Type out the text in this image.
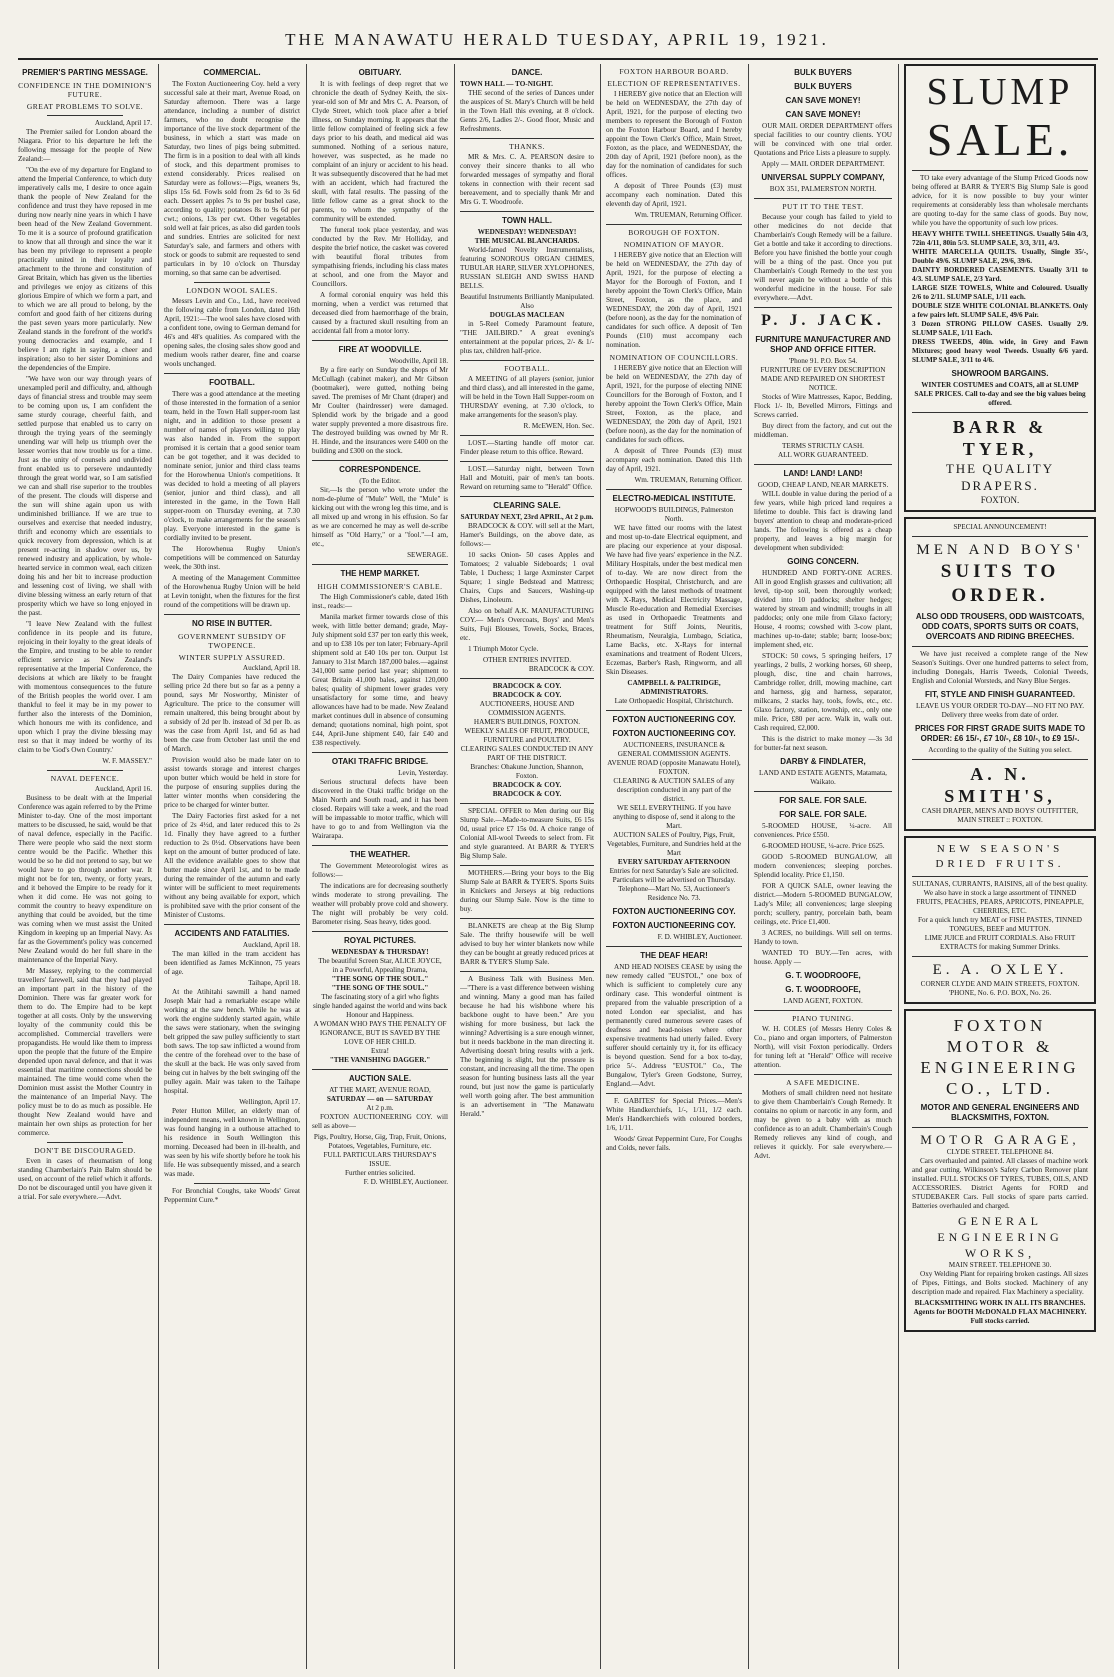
THE MANAWATU HERALD TUESDAY, APRIL 19, 1921.
PREMIER'S PARTING MESSAGE.
CONFIDENCE IN THE DOMINION'S FUTURE.
GREAT PROBLEMS TO SOLVE.
Auckland, April 17.

The Premier sailed for London aboard the Niagara. Prior to his departure he left the following message for the people of New Zealand:—

"On the eve of my departure for England to attend the Imperial Conference, to which duty imperatively calls me, I desire to once again thank the people of New Zealand for the confidence and trust they have reposed in me during now nearly nine years in which I have been head of the New Zealand Government. To me it is a source of profound gratification to know that all through and since the war it has been my privilege to represent a people practically united in their loyalty and attachment to the throne and constitution of Great Britain, which has given us the liberties and privileges we enjoy as citizens of this glorious Empire of which we form a part, and to which we are all proud to belong, by the comfort and good faith of her citizens during the past seven years more particularly. New Zealand stands in the forefront of the world's young democracies and example, and I believe I am right in saying, a cheer and inspiration; also to her sister Dominions and the dependencies of the Empire.

"We have won our way through years of unexampled peril and difficulty, and, although days of financial stress and trouble may seem to be coming upon us, I am confident the same sturdy courage, cheerful faith, and settled purpose that enabled us to carry on through the trying years of the seemingly unending war will help us triumph over the lesser worries that now trouble us for a time. Just as the unity of counsels and undivided front enabled us to persevere undauntedly through the great world war, so I am satisfied we can and shall rise superior to the troubles of the present. The clouds will disperse and the sun will shine again upon us with undiminished brilliance. If we are true to ourselves and exercise that needed industry, thrift and economy which are essentials to quick recovery from depression, which is at present re-acting in shadow over us, by renewed industry and application, by whole-hearted service in common weal, each citizen doing his and her bit to increase production and lessening cost of living, we shall with divine blessing witness an early return of that prosperity which we have so long enjoyed in the past.

"I leave New Zealand with the fullest confidence in its people and its future, rejoicing in their loyalty to the great ideals of the Empire, and trusting to be able to render efficient service as New Zealand's representative at the Imperial Conference, the decisions at which are likely to be fraught with momentous consequences to the future of the British peoples the world over. I am thankful to feel it may be in my power to further also the interests of the Dominion, which honours me with its confidence, and upon which I pray the divine blessing may rest so that it may indeed be worthy of its claim to be 'God's Own Country.'

W. F. MASSEY."
NAVAL DEFENCE.
Auckland, April 16.

Business to be dealt with at the Imperial Conference was again referred to by the Prime Minister to-day. One of the most important matters to be discussed, he said, would be that of naval defence, especially in the Pacific. There were people who said the next storm centre would be the Pacific. Whether this would be so he did not pretend to say, but we would have to go through another war. It might not be for ten, twenty, or forty years, and it behoved the Empire to be ready for it when it did come. He was not going to commit the country to heavy expenditure on anything that could be avoided, but the time was coming when we must assist the United Kingdom in keeping up an Imperial Navy. As far as the Government's policy was concerned New Zealand would do her full share in the maintenance of the Imperial Navy.

Mr Massey, replying to the commercial travellers' farewell, said that they had played an important part in the history of the Dominion. There was far greater work for them to do. The Empire had to be kept together at all costs. Only by the unswerving loyalty of the community could this be accomplished. Commercial travellers were propagandists. He would like them to impress upon the people that the future of the Empire depended upon naval defence, and that it was essential that maritime connections should be maintained. The time would come when the Dominion must assist the Mother Country in the maintenance of an Imperial Navy. The policy must be to do as much as possible. He thought New Zealand would have and maintain her own ships as protection for her commerce.

DON'T BE DISCOURAGED.

Even in cases of rheumatism of long standing Chamberlain's Pain Balm should be used, on account of the relief which it affords. Do not be discouraged until you have given it a trial. For sale everywhere.—Advt.

COMMERCIAL.

The Foxton Auctioneering Coy. held a very successful sale at their mart, Avenue Road, on Saturday afternoon. There was a large attendance, including a number of district farmers, who no doubt recognise the importance of the live stock department of the business, in which a start was made on Saturday, two lines of pigs being submitted. The firm is in a position to deal with all kinds of stock, and this department promises to extend considerably. Prices realised on Saturday were as follows:—Pigs, weaners 9s, slips 15s 6d. Fowls sold from 2s 6d to 3s 6d each. Dessert apples 7s to 9s per bushel case, according to quality; potatoes 8s to 9s 6d per cwt.; onions, 13s per cwt. Other vegetables sold well at fair prices, as also did garden tools and sundries. Entries are solicited for next Saturday's sale, and farmers and others with stock or goods to submit are requested to send particulars in by 10 o'clock on Thursday morning, so that same can be advertised.

LONDON WOOL SALES.

Messrs Levin and Co., Ltd., have received the following cable from London, dated 16th April, 1921:—The wool sales have closed with a confident tone, owing to German demand for 46's and 48's qualities. As compared with the opening sales, the closing sales show good and medium wools rather dearer, fine and coarse wools unchanged.

FOOTBALL.

There was a good attendance at the meeting of those interested in the formation of a senior team, held in the Town Hall supper-room last night, and in addition to those present a number of names of players willing to play was also handed in. From the support promised it is certain that a good senior team can be got together, and it was decided to nominate senior, junior and third class teams for the Horowhenua Union's competitions. It was decided to hold a meeting of all players (senior, junior and third class), and all interested in the game, in the Town Hall supper-room on Thursday evening, at 7.30 o'clock, to make arrangements for the season's play. Everyone interested in the game is cordially invited to be present.

The Horowhenua Rugby Union's competitions will be commenced on Saturday week, the 30th inst.

A meeting of the Management Committee of the Horowhenua Rugby Union will be held at Levin tonight, when the fixtures for the first round of the competitions will be drawn up.

NO RISE IN BUTTER.
GOVERNMENT SUBSIDY OF TWOPENCE.
WINTER SUPPLY ASSURED.
Auckland, April 18.

The Dairy Companies have reduced the selling price 2d there but so far as a penny a pound, says Mr Nosworthy, Minister of Agriculture. The price to the consumer will remain unaltered, this being brought about by a subsidy of 2d per lb. instead of 3d per lb. as was the case from April 1st, and 6d as had been the case from October last until the end of March.

Provision would also be made later on to assist towards storage and interest charges upon butter which would be held in store for the purpose of ensuring supplies during the latter winter months when considering the price to be charged for winter butter.

The Dairy Factories first asked for a net price of 2s 4½d, and later reduced this to 2s 1d. Finally they have agreed to a further reduction to 2s 0½d. Observations have been kept on the amount of butter produced of late. All the evidence available goes to show that butter made since April 1st, and to be made during the remainder of the autumn and early winter will be sufficient to meet requirements without any being available for export, which is prohibited save with the prior consent of the Minister of Customs.

ACCIDENTS AND FATALITIES.
Auckland, April 18.

The man killed in the tram accident has been identified as James McKinnon, 75 years of age.

Taihape, April 18.

At the Atihitahi sawmill a hand named Joseph Mair had a remarkable escape while working at the saw bench. While he was at work the engine suddenly started again, while the saws were stationary, when the swinging belt gripped the saw pulley sufficiently to start both saws. The top saw inflicted a wound from the centre of the forehead over to the base of the skull at the back. He was only saved from being cut in halves by the belt swinging off the pulley again. Mair was taken to the Taihape hospital.

Wellington, April 17.

Peter Hutton Miller, an elderly man of independent means, well known in Wellington, was found hanging in a outhouse attached to his residence in South Wellington this morning. Deceased had been in ill-health, and was seen by his wife shortly before he took his life. He was subsequently missed, and a search was made.

For Bronchial Coughs, take Woods' Great Peppermint Cure.*

OBITUARY.

It is with feelings of deep regret that we chronicle the death of Sydney Keith, the six-year-old son of Mr and Mrs C. A. Pearson, of Clyde Street, which took place after a brief illness, on Sunday morning. It appears that the little fellow complained of feeling sick a few days prior to his death, and medical aid was summoned. Nothing of a serious nature, however, was suspected, as he made no complaint of an injury or accident to his head. It was subsequently discovered that he had met with an accident, which had fractured the skull, with fatal results. The passing of the little fellow came as a great shock to the parents, to whom the sympathy of the community will be extended.

The funeral took place yesterday, and was conducted by the Rev. Mr Holliday, and despite the brief notice, the casket was covered with beautiful floral tributes from sympathising friends, including his class mates at school, and one from the Mayor and Councillors.

A formal coronial enquiry was held this morning, when a verdict was returned that deceased died from haemorrhage of the brain, caused by a fractured skull resulting from an accidental fall from a motor lorry.

FIRE AT WOODVILLE.
Woodville, April 18.

By a fire early on Sunday the shops of Mr McCullagh (cabinet maker), and Mr Gibson (bootmaker), were gutted, nothing being saved. The premises of Mr Chant (draper) and Mr Coulter (hairdresser) were damaged. Splendid work by the brigade and a good water supply prevented a more disastrous fire. The destroyed building was owned by Mr R. H. Hinde, and the insurances were £400 on the building and £300 on the stock.

CORRESPONDENCE.
(To the Editor.

Sir,—Is the person who wrote under the nom-de-plume of "Mule" Well, the "Mule" is kicking out with the wrong leg this time, and is all mixed up and wrong in his effusion. So far as we are concerned he may as well de-scribe himself as "Old Harry," or a "fool."—I am, etc.,

SEWERAGE.
THE HEMP MARKET.
HIGH COMMISSIONER'S CABLE.

The High Commissioner's cable, dated 16th inst., reads:—

Manila market firmer towards close of this week, with little better demand; grade, May-July shipment sold £37 per ton early this week, and up to £38 10s per ton later; February-April shipment sold at £40 10s per ton. Output 1st January to 31st March 187,000 bales.—against 341,000 same period last year; shipment to Great Britain 41,000 bales, against 120,000 bales; quality of shipment lower grades very unsatisfactory for some time, and heavy allowances have had to be made. New Zealand market continues dull in absence of consuming demand; quotations nominal, high point, spot £44, April-June shipment £40, fair £40 and £38 respectively.

OTAKI TRAFFIC BRIDGE.
Levin, Yesterday.

Serious structural defects have been discovered in the Otaki traffic bridge on the Main North and South road, and it has been closed. Repairs will take a week, and the road will be impassable to motor traffic, which will have to go to and from Wellington via the Wairarapa.

THE WEATHER.

The Government Meteorologist wires as follows:—

The indications are for decreasing southerly winds moderate to strong prevailing. The weather will probably prove cold and showery. The night will probably be very cold. Barometer rising. Seas heavy, tides good.

ROYAL PICTURES.
WEDNESDAY & THURSDAY!
The beautiful Screen Star, ALICE JOYCE,
in a Powerful, Appealing Drama,
"THE SONG OF THE SOUL."
"THE SONG OF THE SOUL."
The fascinating story of a girl who fights single handed against the world and wins back Honour and Happiness.
A WOMAN WHO PAYS THE PENALTY OF IGNORANCE, BUT IS SAVED BY THE LOVE OF HER CHILD.
Extra!
"THE VANISHING DAGGER."
AUCTION SALE.
AT THE MART, AVENUE ROAD,
SATURDAY — on — SATURDAY
At 2 p.m.

FOXTON AUCTIONEERING COY. will sell as above—

Pigs, Poultry, Horse, Gig, Trap, Fruit, Onions, Potatoes, Vegetables, Furniture, etc.
FULL PARTICULARS THURSDAY'S ISSUE.
Further entries solicited.
F. D. WHIBLEY, Auctioneer.
DANCE.
TOWN HALL — TO-NIGHT.

THE second of the series of Dances under the auspices of St. Mary's Church will be held in the Town Hall this evening, at 8 o'clock. Gents 2/6, Ladies 2/-. Good floor, Music and Refreshments.

THANKS.

MR & Mrs. C. A. PEARSON desire to convey their sincere thanks to all who forwarded messages of sympathy and floral tokens in connection with their recent sad bereavement, and to specially thank Mr and Mrs G. T. Woodroofe.

TOWN HALL.
WEDNESDAY! WEDNESDAY!
THE MUSICAL BLANCHARDS.

World-famed Novelty Instrumentalists, featuring SONOROUS ORGAN CHIMES, TUBULAR HARP, SILVER XYLOPHONES, RUSSIAN SLEIGH AND SWISS HAND BELLS.

Beautiful Instruments Brilliantly Manipulated. Also
DOUGLAS MACLEAN

in 5-Reel Comedy Paramount feature, "THE JAILBIRD." A great evening's entertainment at the popular prices, 2/- & 1/- plus tax, children half-price.

FOOTBALL.

A MEETING of all players (senior, junior and third class), and all interested in the game, will be held in the Town Hall Supper-room on THURSDAY evening, at 7.30 o'clock, to make arrangements for the season's play.

R. McEWEN, Hon. Sec.

LOST.—Starting handle off motor car. Finder please return to this office. Reward.

LOST.—Saturday night, between Town Hall and Motuiti, pair of men's tan boots. Reward on returning same to "Herald" Office.

CLEARING SALE.
SATURDAY NEXT, 23rd APRIL, At 2 p.m.

BRADCOCK & COY. will sell at the Mart, Hamer's Buildings, on the above date, as follows:—

10 sacks Onion- 50 cases Apples and Tomatoes; 2 valuable Sideboards; 1 oval Table, 1 Duchess; 1 large Axminster Carpet Square; 1 single Bedstead and Mattress; Chairs, Cups and Saucers, Washing-up Dishes, Linoleum.

Also on behalf A.K. MANUFACTURING COY.— Men's Overcoats, Boys' and Men's Suits, Fuji Blouses, Towels, Socks, Braces, etc.

1 Triumph Motor Cycle.

OTHER ENTRIES INVITED.
BRADCOCK & COY.
BRADCOCK & COY.
BRADCOCK & COY.
AUCTIONEERS, HOUSE AND COMMISSION AGENTS.
HAMER'S BUILDINGS, FOXTON.
WEEKLY SALES OF FRUIT, PRODUCE, FURNITURE and POULTRY.
CLEARING SALES CONDUCTED IN ANY PART OF THE DISTRICT.
Branches: Ohakune Junction, Shannon, Foxton.
BRADCOCK & COY.
BRADCOCK & COY.

SPECIAL OFFER to Men during our Big Slump Sale.—Made-to-measure Suits, £6 15s 0d, usual price £7 15s 0d. A choice range of Colonial All-wool Tweeds to select from. Fit and style guaranteed. At BARR & TYER'S Big Slump Sale.

MOTHERS.—Bring your boys to the Big Slump Sale at BARR & TYER'S. Sports Suits in Knickers and Jerseys at big reductions during our Slump Sale. Now is the time to buy.

BLANKETS are cheap at the Big Slump Sale. The thrifty housewife will be well advised to buy her winter blankets now while they can be bought at greatly reduced prices at BARR & TYER'S Slump Sale.

A Business Talk with Business Men.—"There is a vast difference between wishing and winning. Many a good man has failed because he had his wishbone where his backbone ought to have been." Are you wishing for more business, but lack the winning? Advertising is a sure enough winner, but it needs backbone in the man directing it. Advertising doesn't bring results with a jerk. The beginning is slight, but the pressure is constant, and increasing all the time. The open season for hunting business lasts all the year round, but just now the game is particularly well worth going after. The best ammunition is an advertisement in "The Manawatu Herald."

FOXTON HARBOUR BOARD.
ELECTION OF REPRESENTATIVES.

I HEREBY give notice that an Election will be held on WEDNESDAY, the 27th day of April, 1921, for the purpose of electing two members to represent the Borough of Foxton on the Foxton Harbour Board, and I hereby appoint the Town Clerk's Office, Main Street, Foxton, as the place, and WEDNESDAY, the 20th day of April, 1921 (before noon), as the day for the nomination of candidates for such offices.

A deposit of Three Pounds (£3) must accompany each nomination. Dated this eleventh day of April, 1921.

Wm. TRUEMAN, Returning Officer.
BOROUGH OF FOXTON.
NOMINATION OF MAYOR.

I HEREBY give notice that an Election will be held on WEDNESDAY, the 27th day of April, 1921, for the purpose of electing a Mayor for the Borough of Foxton, and I hereby appoint the Town Clerk's Office, Main Street, Foxton, as the place, and WEDNESDAY, the 20th day of April, 1921 (before noon), as the day for the nomination of candidates for such office. A deposit of Ten Pounds (£10) must accompany each nomination.

NOMINATION OF COUNCILLORS.

I HEREBY give notice that an Election will be held on WEDNESDAY, the 27th day of April, 1921, for the purpose of electing NINE Councillors for the Borough of Foxton, and I hereby appoint the Town Clerk's Office, Main Street, Foxton, as the place, and WEDNESDAY, the 20th day of April, 1921 (before noon), as the day for the nomination of candidates for such offices.

A deposit of Three Pounds (£3) must accompany each nomination. Dated this 11th day of April, 1921.

Wm. TRUEMAN, Returning Officer.
ELECTRO-MEDICAL INSTITUTE.
HOPWOOD'S BUILDINGS, Palmerston North.

WE have fitted our rooms with the latest and most up-to-date Electrical equipment, and are placing our experience at your disposal. We have had five years' experience in the N.Z. Military Hospitals, under the best medical men of to-day. We are now direct from the Orthopaedic Hospital, Christchurch, and are equipped with the latest methods of treatment with X-Rays, Medical Electricity Massage, Muscle Re-education and Remedial Exercises as used in Orthopaedic Treatments and treatment for Stiff Joints, Neuritis, Rheumatism, Neuralgia, Lumbago, Sciatica, Lame Backs, etc. X-Rays for internal examinations and treatment of Rodent Ulcers, Eczemas, Barber's Rash, Ringworm, and all Skin Diseases.

CAMPBELL & PALTRIDGE, ADMINISTRATORS.
Late Orthopaedic Hospital, Christchurch.
FOXTON AUCTIONEERING COY.
FOXTON AUCTIONEERING COY.
AUCTIONEERS, INSURANCE & GENERAL COMMISSION AGENTS.
AVENUE ROAD (opposite Manawatu Hotel), FOXTON.
CLEARING & AUCTION SALES of any description conducted in any part of the district.
WE SELL EVERYTHING. If you have anything to dispose of, send it along to the Mart.
AUCTION SALES of Poultry, Pigs, Fruit, Vegetables, Furniture, and Sundries held at the Mart
EVERY SATURDAY AFTERNOON
Entries for next Saturday's Sale are solicited. Particulars will be advertised on Thursday.
Telephone—Mart No. 53, Auctioneer's Residence No. 73.
FOXTON AUCTIONEERING COY.
FOXTON AUCTIONEERING COY.
F. D. WHIBLEY, Auctioneer.
THE DEAF HEAR!

AND HEAD NOISES CEASE by using the new remedy called "EUSTOL," one box of which is sufficient to completely cure any ordinary case. This wonderful ointment is prepared from the valuable prescription of a noted London ear specialist, and has permanently cured numerous severe cases of deafness and head-noises where other expensive treatments had utterly failed. Every sufferer should certainly try it, for its efficacy is beyond question. Send for a box to-day, price 5/-. Address "EUSTOL" Co., The Bungalow, Tyler's Green Godstone, Surrey, England.—Advt.

F. GABITES' for Special Prices.—Men's White Handkerchiefs, 1/-, 1/11, 1/2 each. Men's Handkerchiefs with coloured borders, 1/6, 1/11.

Woods' Great Peppermint Cure, For Coughs and Colds, never fails.

BULK BUYERS
BULK BUYERS
CAN SAVE MONEY!
CAN SAVE MONEY!

OUR MAIL ORDER DEPARTMENT offers special facilities to our country clients. YOU will be convinced with one trial order. Quotations and Price Lists a pleasure to supply.

Apply — MAIL ORDER DEPARTMENT.
UNIVERSAL SUPPLY COMPANY,
BOX 351, PALMERSTON NORTH.
PUT IT TO THE TEST.

Because your cough has failed to yield to other medicines do not decide that Chamberlain's Cough Remedy will be a failure. Get a bottle and take it according to directions. Before you have finished the bottle your cough will be a thing of the past. Once you put Chamberlain's Cough Remedy to the test you will never again be without a bottle of this wonderful medicine in the house. For sale everywhere.—Advt.

P. J. JACK.
FURNITURE MANUFACTURER AND SHOP AND OFFICE FITTER.
'Phone 91. P.O. Box 54.
FURNITURE OF EVERY DESCRIPTION MADE AND REPAIRED ON SHORTEST NOTICE.

Stocks of Wire Mattresses, Kapoc, Bedding, Flock 1/- lb, Bevelled Mirrors, Fittings and Screws carried.

Buy direct from the factory, and cut out the middleman.

TERMS STRICTLY CASH.
ALL WORK GUARANTEED.
LAND! LAND! LAND!
GOOD, CHEAP LAND, NEAR MARKETS.

WILL double in value during the period of a few years, while high priced land requires a lifetime to double. This fact is drawing land buyers' attention to cheap and moderate-priced lands. The following is offered as a cheap property, and leaves a big margin for development when subdivided:

GOING CONCERN.

HUNDRED AND FORTY-ONE ACRES. All in good English grasses and cultivation; all level, tip-top soil, been thoroughly worked; divided into 10 paddocks; shelter hedges; watered by stream and windmill; troughs in all paddocks; only one mile from Glaxo factory; House, 4 rooms; cowshed with 3-cow plant, machines up-to-date; stable; barn; loose-box; implement shed, etc.

STOCK: 50 cows, 5 springing heifers, 17 yearlings, 2 bulls, 2 working horses, 60 sheep, plough, disc, tine and chain harrows, Cambridge roller, drill, mowing machine, cart and harness, gig and harness, separator, milkcans, 2 stacks hay, tools, fowls, etc., etc. Glaxo factory, station, township, etc., only one mile. Price, £80 per acre. Walk in, walk out. Cash required, £2,000.

This is the district to make money —3s 3d for butter-fat next season.

DARBY & FINDLATER,
LAND AND ESTATE AGENTS, Matamata, Waikato.
FOR SALE. FOR SALE.
FOR SALE. FOR SALE.

5-ROOMED HOUSE, ¼-acre. All conveniences. Price £550.

6-ROOMED HOUSE, ¼-acre. Price £625.

GOOD 5-ROOMED BUNGALOW, all modern conveniences; sleeping porches. Splendid locality. Price £1,150.

FOR A QUICK SALE, owner leaving the district.—Modern 5-ROOMED BUNGALOW, Lady's Mile; all conveniences; large sleeping porch; scullery, pantry, porcelain bath, beam ceilings, etc. Price £1,400.

3 ACRES, no buildings. Will sell on terms. Handy to town.

WANTED TO BUY.—Ten acres, with house. Apply —

G. T. WOODROOFE,
G. T. WOODROOFE,
LAND AGENT, FOXTON.
PIANO TUNING.

W. H. COLES (of Messrs Henry Coles & Co., piano and organ importers, of Palmerston North), will visit Foxton periodically. Orders for tuning left at "Herald" Office will receive attention.

A SAFE MEDICINE.

Mothers of small children need not hesitate to give them Chamberlain's Cough Remedy. It contains no opium or narcotic in any form, and may be given to a baby with as much confidence as to an adult. Chamberlain's Cough Remedy relieves any kind of cough, and relieves it quickly. For sale everywhere.—Advt.

SLUMP
SALE.

TO take every advantage of the Slump Priced Goods now being offered at BARR & TYER'S Big Slump Sale is good advice, for it is now possible to buy your winter requirements at considerably less than wholesale merchants are quoting to-day for the same class of goods. Buy now, while you have the opportunity of such low prices.

HEAVY WHITE TWILL SHEETINGS. Usually 54in 4/3, 72in 4/11, 80in 5/3. SLUMP SALE, 3/3, 3/11, 4/3.
WHITE MARCELLA QUILTS. Usually, Single 35/-, Double 49/6. SLUMP SALE, 29/6, 39/6.
DAINTY BORDERED CASEMENTS. Usually 3/11 to 4/3. SLUMP SALE, 2/3 Yard.
LARGE SIZE TOWELS, White and Coloured. Usually 2/6 to 2/11. SLUMP SALE, 1/11 each.
DOUBLE SIZE WHITE COLONIAL BLANKETS. Only a few pairs left. SLUMP SALE, 49/6 Pair.
3 Dozen STRONG PILLOW CASES. Usually 2/9. SLUMP SALE, 1/11 Each.
DRESS TWEEDS, 40in. wide, in Grey and Fawn Mixtures; good heavy wool Tweeds. Usually 6/6 yard. SLUMP SALE, 3/11 to 4/6.
SHOWROOM BARGAINS.
WINTER COSTUMES and COATS, all at SLUMP SALE PRICES. Call to-day and see the big values being offered.
BARR & TYER,
THE QUALITY DRAPERS.
FOXTON.
SPECIAL ANNOUNCEMENT!
MEN AND BOYS'
SUITS TO ORDER.
ALSO ODD TROUSERS, ODD WAISTCOATS, ODD COATS, SPORTS SUITS OR COATS, OVERCOATS AND RIDING BREECHES.

We have just received a complete range of the New Season's Suitings. Over one hundred patterns to select from, including Donegals, Harris Tweeds, Colonial Tweeds, English and Colonial Worsteds, and Navy Blue Serges.

FIT, STYLE AND FINISH GUARANTEED.
LEAVE US YOUR ORDER TO-DAY—NO FIT NO PAY. Delivery three weeks from date of order.
PRICES FOR FIRST GRADE SUITS MADE TO ORDER: £6 15/-, £7 10/-, £8 10/-, to £9 15/-.
According to the quality of the Suiting you select.
A. N. SMITH'S,
CASH DRAPER, MEN'S AND BOYS' OUTFITTER,
MAIN STREET :: FOXTON.
NEW SEASON'S DRIED FRUITS.
SULTANAS, CURRANTS, RAISINS, all of the best quality.
We also have in stock a large assortment of TINNED FRUITS, PEACHES, PEARS, APRICOTS, PINEAPPLE, CHERRIES, ETC.
For a quick lunch try MEAT or FISH PASTES, TINNED TONGUES, BEEF and MUTTON.
LIME JUICE and FRUIT CORDIALS. Also FRUIT EXTRACTS for making Summer Drinks.
E. A. OXLEY.
CORNER CLYDE AND MAIN STREETS, FOXTON.
'PHONE, No. 6. P.O. BOX, No. 26.
FOXTON MOTOR &
ENGINEERING
CO., LTD.
MOTOR AND GENERAL ENGINEERS AND BLACKSMITHS, FOXTON.
MOTOR GARAGE,
CLYDE STREET. TELEPHONE 84.

Cars overhauled and painted. All classes of machine work and gear cutting. Wilkinson's Safety Carbon Remover plant installed. FULL STOCKS OF TYRES, TUBES, OILS, AND ACCESSORIES. District Agents for FORD and STUDEBAKER Cars. Full stocks of spare parts carried. Batteries overhauled and charged.

GENERAL ENGINEERING WORKS,
MAIN STREET. TELEPHONE 30.

Oxy Welding Plant for repairing broken castings. All sizes of Pipes, Fittings, and Bolts stocked. Machinery of any description made and repaired. Flax Machinery a speciality.

BLACKSMITHING WORK IN ALL ITS BRANCHES. Agents for BOOTH McDONALD FLAX MACHINERY. Full stocks carried.
